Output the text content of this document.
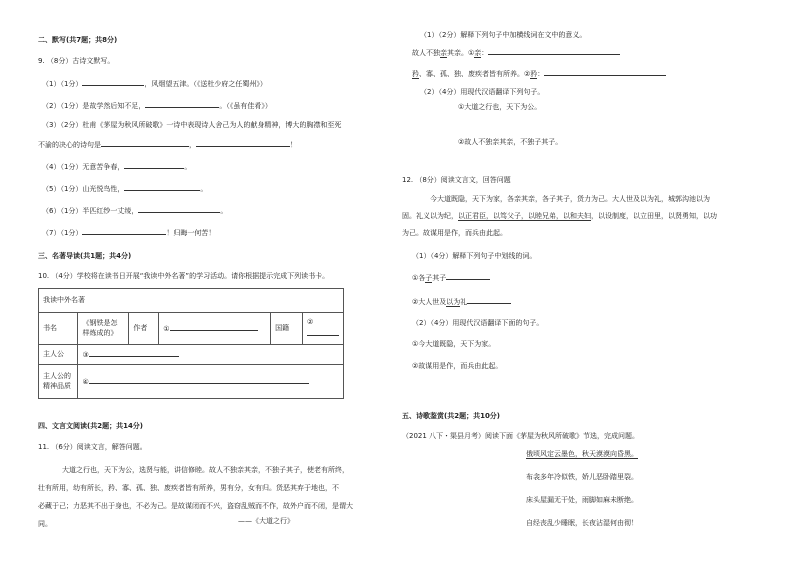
二、默写(共7题；共8分)
9. （8分）古诗文默写。
（1）（1分）	，风烟望五津。（《送杜少府之任蜀州》）
（2）（1分）是故学然后知不足，	。（《虽有佳肴》）
（3）（2分）杜甫《茅屋为秋风所破歌》一诗中表现诗人舍己为人的献身精神，博大的胸襟和至死
不渝的决心的诗句是	，	！
（4）（1分）无意苦争春，	。
（5）（1分）山光悦鸟性，	。
（6）（1分）半匹红纱一丈绫，	。
（7）（1分）	！归晦一何苦！
三、名著导读(共1题；共4分)
10. （4分）学校将在读书日开展“我读中外名著”的学习活动。请你根据提示完成下列读书卡。
我读中外名著					
书名	《钢铁是怎
样炼成的》	作者	①	国籍	②
主人公	③				

主人公的
精神品质	④				
四、文言文阅读(共2题；共14分)
11. （6分）阅读文言，解答问题。
大道之行也，天下为公，选贤与能，讲信修睦。故人不独亲其亲，不独子其子，使老有所终，
壮有所用，幼有所长，矜、寡、孤、独、废疾者皆有所养，男有分，女有归。货恶其弃于地也，不
必藏于己；力恶其不出于身也，不必为己。是故谋闭而不兴，盗窃乱贼而不作，故外户而不闭，是谓大
同。	——《大道之行》
（1）（2分）解释下列句子中加横线词在文中的意义。
故人不独亲其亲。①亲：
矜、寡、孤、独、废疾者皆有所养。②矜：
（2）（4分）用现代汉语翻译下列句子。
①大道之行也，天下为公。
②故人不独亲其亲，不独子其子。
12. （8分）阅读文言文，回答问题
今大道既隐，天下为家，各亲其亲，各子其子，货力为己。大人世及以为礼，城郭沟池以为
固。礼义以为纪，以正君臣，以笃父子，以睦兄弟，以和夫妇，以设制度，以立田里，以贤勇知，以功
为己。故谋用是作，而兵由此起。
（1）（4分）解释下列句子中划线的词。
①各子其子
②大人世及以为礼
（2）（4分）用现代汉语翻译下面的句子。
①今大道既隐，天下为家。
②故谋用是作，而兵由此起。
五、诗歌鉴赏(共2题；共10分)
（2021 八下・渠县月考）阅读下面《茅屋为秋风所破歌》节选，完成问题。
俄顷风定云墨色，秋天漠漠向昏黑。
布衾多年冷似铁，娇儿恶卧踏里裂。
床头屋漏无干处，雨脚如麻未断绝。
自经丧乱少睡眠，长夜沾湿何由彻！
